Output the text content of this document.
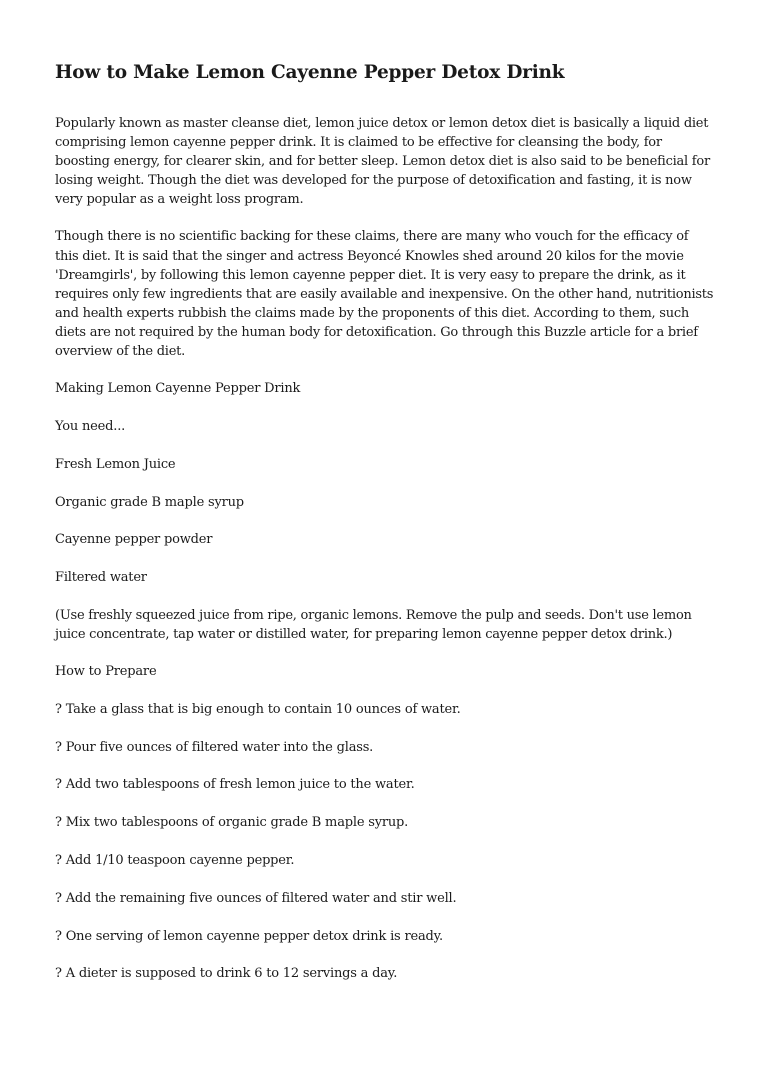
How to Make Lemon Cayenne Pepper Detox Drink

Popularly known as master cleanse diet, lemon juice detox or lemon detox diet is basically a liquid diet comprising lemon cayenne pepper drink. It is claimed to be effective for cleansing the body, for boosting energy, for clearer skin, and for better sleep. Lemon detox diet is also said to be beneficial for losing weight. Though the diet was developed for the purpose of detoxification and fasting, it is now very popular as a weight loss program.

Though there is no scientific backing for these claims, there are many who vouch for the efficacy of this diet. It is said that the singer and actress Beyoncé Knowles shed around 20 kilos for the movie 'Dreamgirls', by following this lemon cayenne pepper diet. It is very easy to prepare the drink, as it requires only few ingredients that are easily available and inexpensive. On the other hand, nutritionists and health experts rubbish the claims made by the proponents of this diet. According to them, such diets are not required by the human body for detoxification. Go through this Buzzle article for a brief overview of the diet.

Making Lemon Cayenne Pepper Drink
You need...
Fresh Lemon Juice
Organic grade B maple syrup
Cayenne pepper powder
Filtered water

(Use freshly squeezed juice from ripe, organic lemons. Remove the pulp and seeds. Don't use lemon juice concentrate, tap water or distilled water, for preparing lemon cayenne pepper detox drink.)

How to Prepare
? Take a glass that is big enough to contain 10 ounces of water.
? Pour five ounces of filtered water into the glass.
? Add two tablespoons of fresh lemon juice to the water.
? Mix two tablespoons of organic grade B maple syrup.
? Add 1/10 teaspoon cayenne pepper.
? Add the remaining five ounces of filtered water and stir well.
? One serving of lemon cayenne pepper detox drink is ready.
? A dieter is supposed to drink 6 to 12 servings a day.
